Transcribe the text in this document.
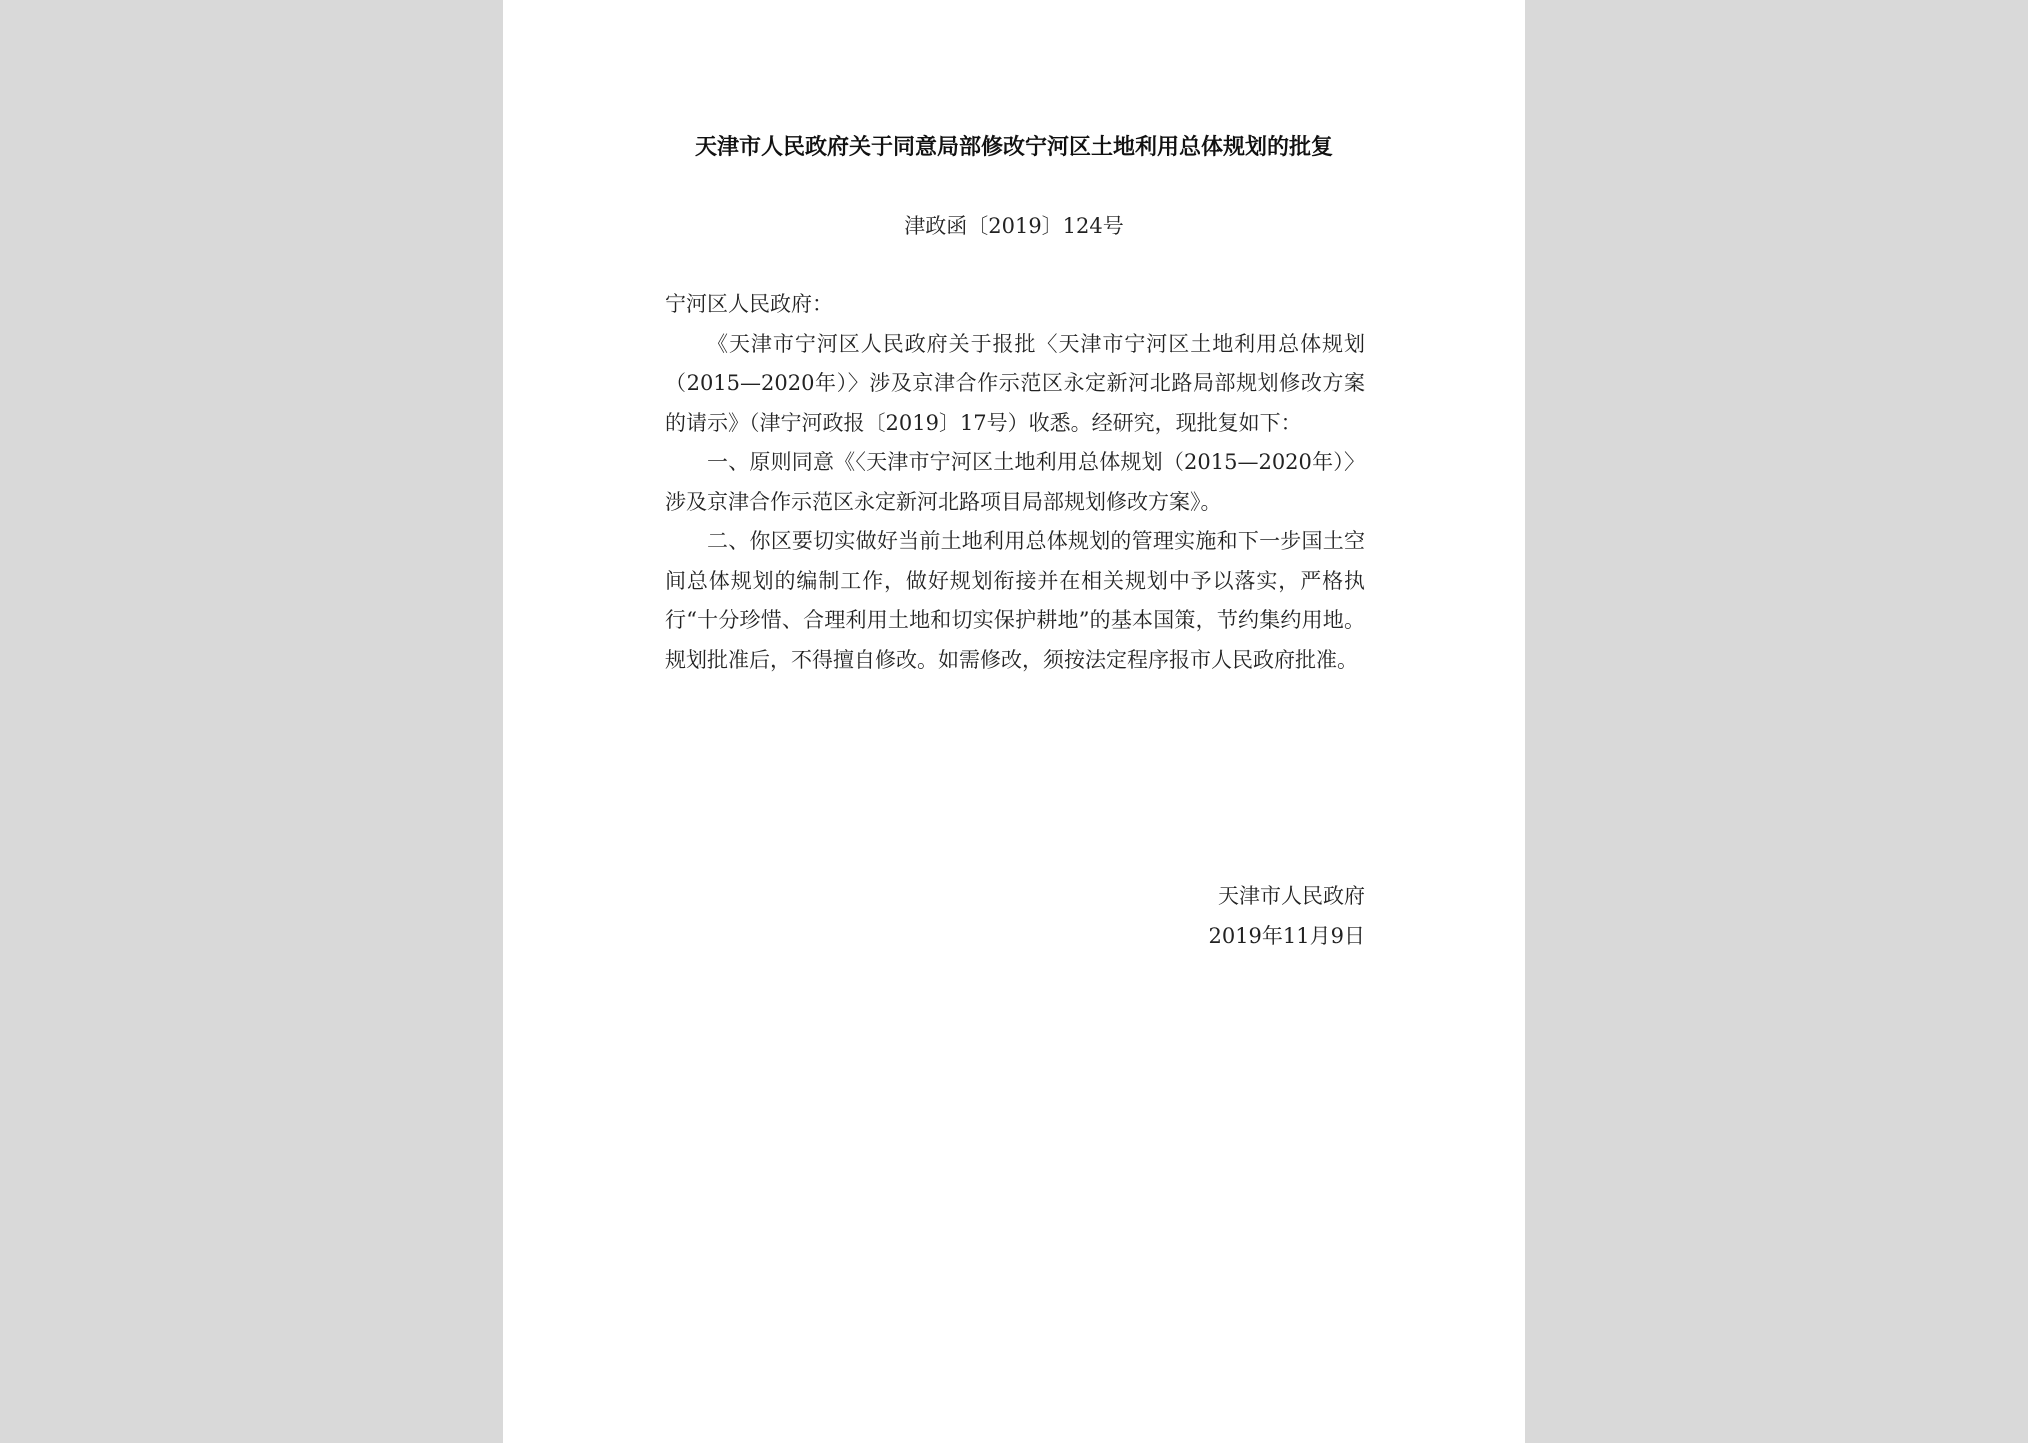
天津市人民政府关于同意局部修改宁河区土地利用总体规划的批复
津政函〔2019〕124号

宁河区人民政府：

《天津市宁河区人民政府关于报批〈天津市宁河区土地利用总体规划（2015—2020年）〉涉及京津合作示范区永定新河北路局部规划修改方案的请示》（津宁河政报〔2019〕17号）收悉。经研究，现批复如下：

一、原则同意《〈天津市宁河区土地利用总体规划（2015—2020年）〉涉及京津合作示范区永定新河北路项目局部规划修改方案》。

二、你区要切实做好当前土地利用总体规划的管理实施和下一步国土空间总体规划的编制工作，做好规划衔接并在相关规划中予以落实，严格执行“十分珍惜、合理利用土地和切实保护耕地”的基本国策，节约集约用地。规划批准后，不得擅自修改。如需修改，须按法定程序报市人民政府批准。

天津市人民政府
2019年11月9日
